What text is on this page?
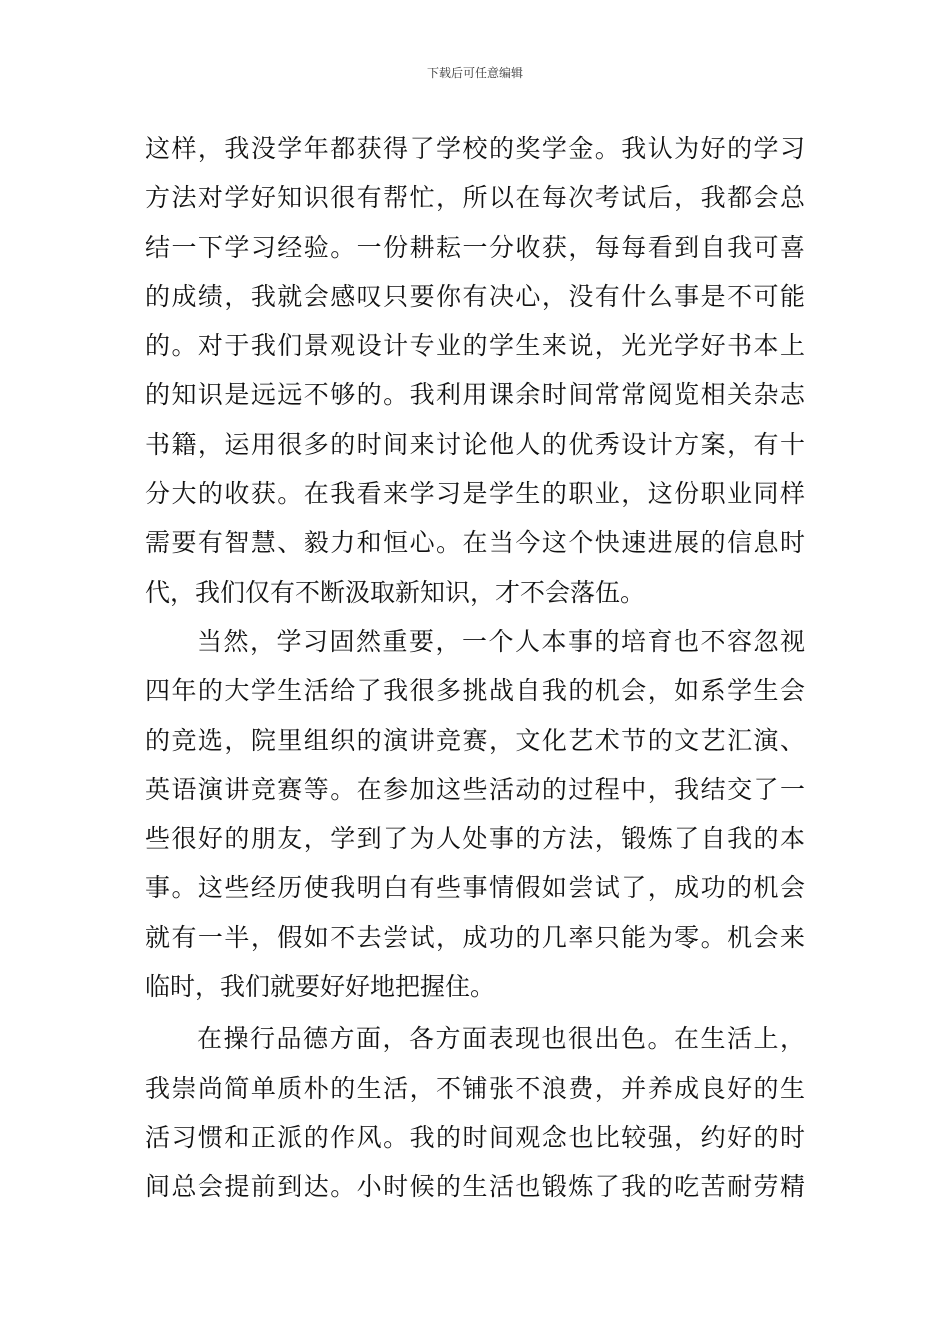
下载后可任意编辑
这样，我没学年都获得了学校的奖学金。我认为好的学习
方法对学好知识很有帮忙，所以在每次考试后，我都会总
结一下学习经验。一份耕耘一分收获，每每看到自我可喜
的成绩，我就会感叹只要你有决心，没有什么事是不可能
的。对于我们景观设计专业的学生来说，光光学好书本上
的知识是远远不够的。我利用课余时间常常阅览相关杂志
书籍，运用很多的时间来讨论他人的优秀设计方案，有十
分大的收获。在我看来学习是学生的职业，这份职业同样
需要有智慧、毅力和恒心。在当今这个快速进展的信息时
代，我们仅有不断汲取新知识，才不会落伍。
当然，学习固然重要，一个人本事的培育也不容忽视
四年的大学生活给了我很多挑战自我的机会，如系学生会
的竞选，院里组织的演讲竞赛，文化艺术节的文艺汇演、
英语演讲竞赛等。在参加这些活动的过程中，我结交了一
些很好的朋友，学到了为人处事的方法，锻炼了自我的本
事。这些经历使我明白有些事情假如尝试了，成功的机会
就有一半，假如不去尝试，成功的几率只能为零。机会来
临时，我们就要好好地把握住。
在操行品德方面，各方面表现也很出色。在生活上，
我崇尚简单质朴的生活，不铺张不浪费，并养成良好的生
活习惯和正派的作风。我的时间观念也比较强，约好的时
间总会提前到达。小时候的生活也锻炼了我的吃苦耐劳精
